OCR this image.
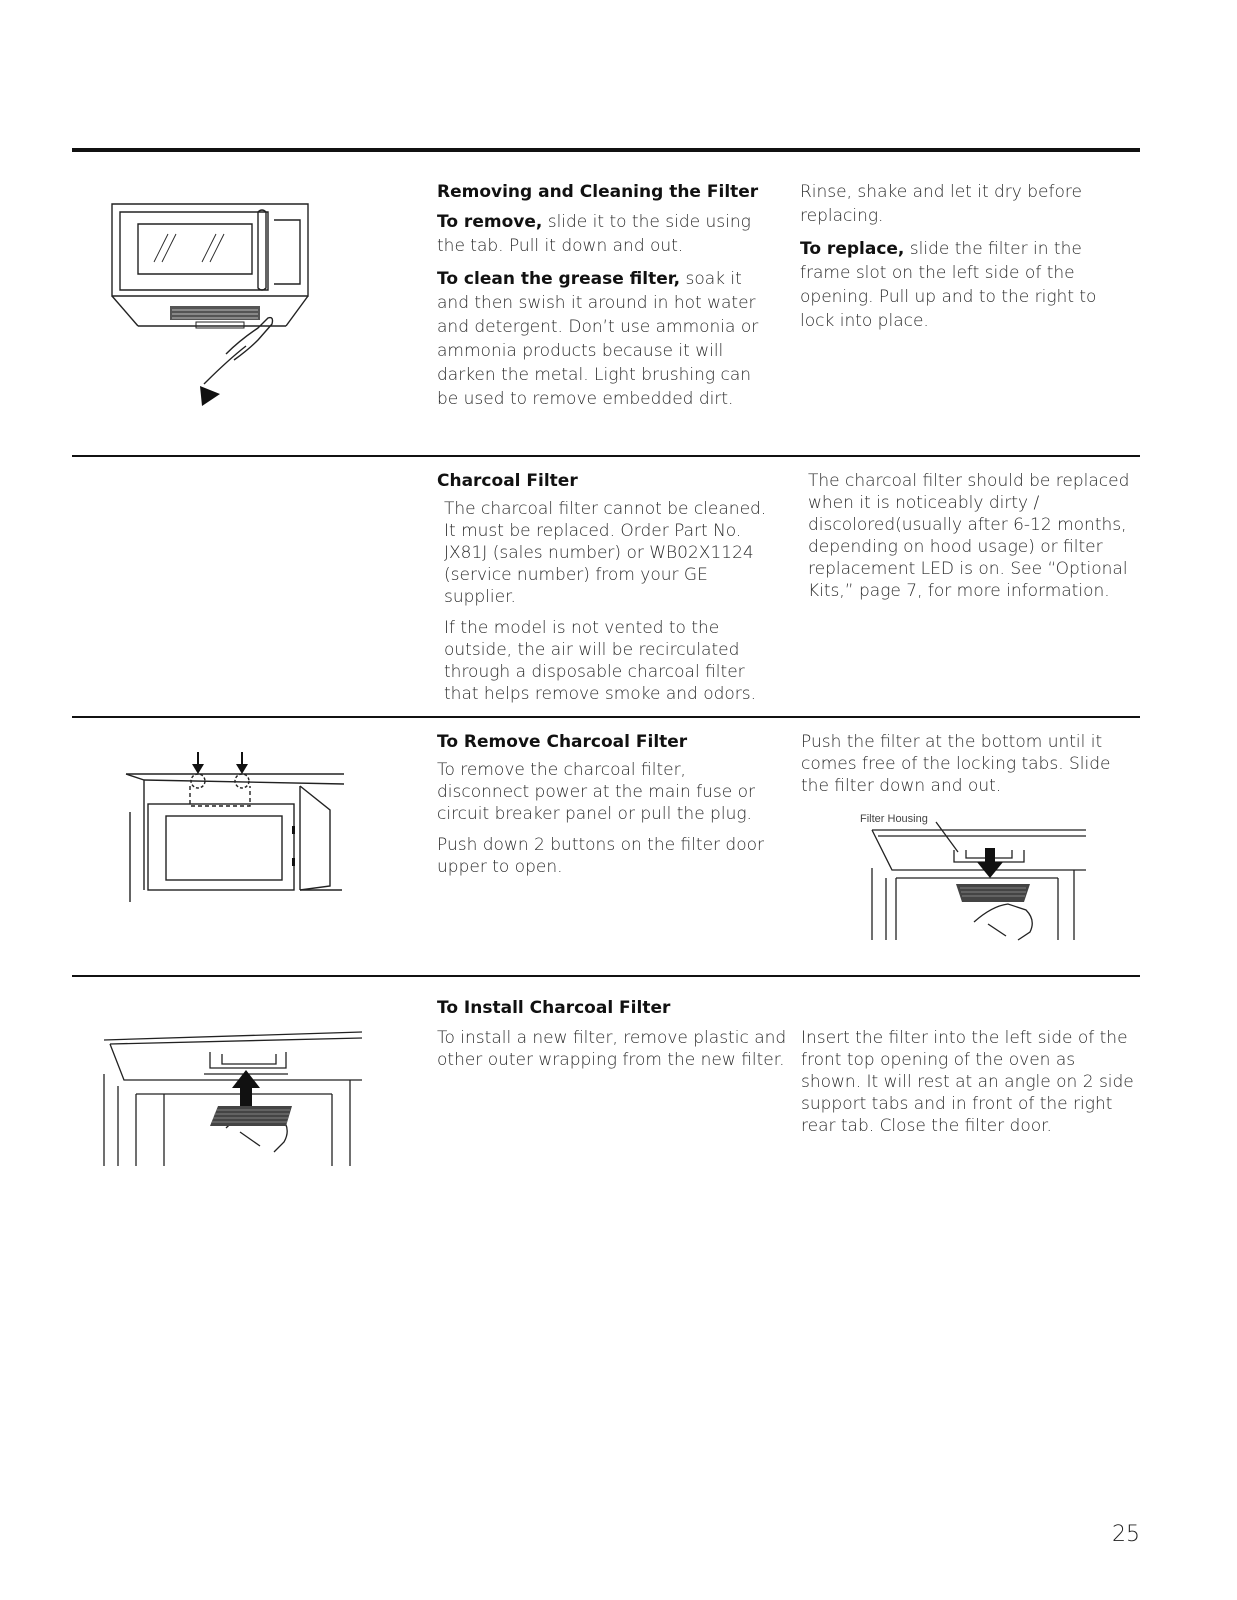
Removing and Cleaning the Filter

To remove, slide it to the side using the tab. Pull it down and out.

To clean the grease filter, soak it and then swish it around in hot water and detergent. Don’t use ammonia or ammonia products because it will darken the metal. Light brushing can be used to remove embedded dirt.

Rinse, shake and let it dry before replacing.

To replace, slide the filter in the frame slot on the left side of the opening. Pull up and to the right to lock into place.

Charcoal Filter

The charcoal filter cannot be cleaned. It must be replaced. Order Part No. JX81J (sales number) or WB02X1124 (service number) from your GE supplier.

If the model is not vented to the outside, the air will be recirculated through a disposable charcoal filter that helps remove smoke and odors.

The charcoal filter should be replaced when it is noticeably dirty / discolored(usually after 6-12 months, depending on hood usage) or filter replacement LED is on. See “Optional Kits,” page 7, for more information.

To Remove Charcoal Filter

To remove the charcoal filter, disconnect power at the main fuse or circuit breaker panel or pull the plug.

Push down 2 buttons on the filter door upper to open.

Push the filter at the bottom until it comes free of the locking tabs. Slide the filter down and out.

Filter Housing
To Install Charcoal Filter

To install a new filter, remove plastic and other outer wrapping from the new filter.

Insert the filter into the left side of the front top opening of the oven as shown. It will rest at an angle on 2 side support tabs and in front of the right rear tab. Close the filter door.

25
